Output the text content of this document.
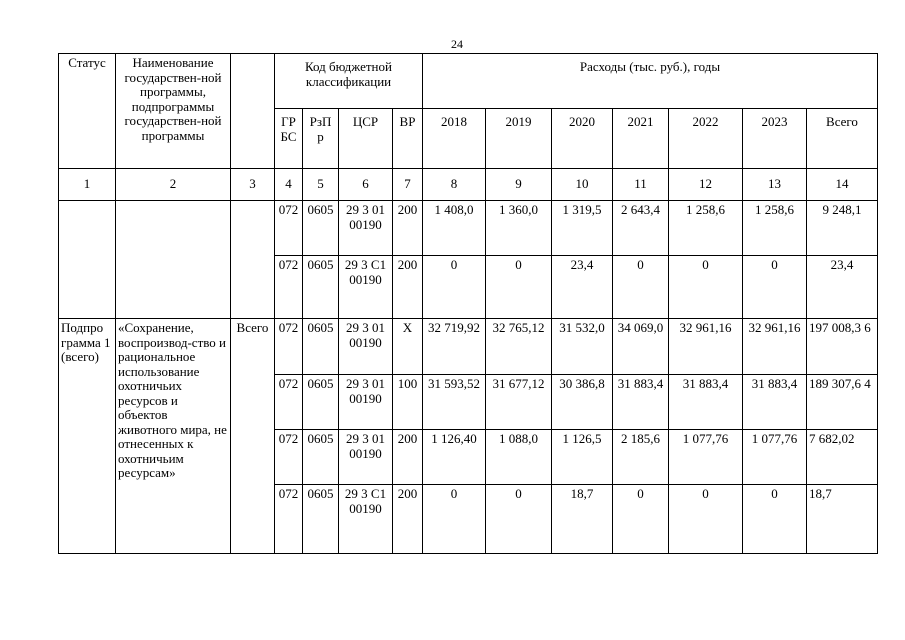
24
Статус	Наименование государствен-ной программы, подпрограммы государствен-ной программы		Код бюджетной классификации				Расходы (тыс. руб.), годы						
			ГР БС	РзП р	ЦСР	ВР	2018	2019	2020	2021	2022	2023	Всего
1	2	3	4	5	6	7	8	9	10	11	12	13	14
			072	0605	29 3 01 00190	200	1 408,0	1 360,0	1 319,5	2 643,4	1 258,6	1 258,6	9 248,1
			072	0605	29 3 С1 00190	200	0	0	23,4	0	0	0	23,4
Подпро грамма 1 (всего)	«Сохранение, воспроизвод-ство и рациональное использование охотничьих ресурсов и объектов животного мира, не отнесенных к охотничьим ресурсам»	Всего	072	0605	29 3 01 00190	Х	32 719,92	32 765,12	31 532,0	34 069,0	32 961,16	32 961,16	197 008,3 6
			072	0605	29 3 01 00190	100	31 593,52	31 677,12	30 386,8	31 883,4	31 883,4	31 883,4	189 307,6 4
			072	0605	29 3 01 00190	200	1 126,40	1 088,0	1 126,5	2 185,6	1 077,76	1 077,76	7 682,02
			072	0605	29 3 С1 00190	200	0	0	18,7	0	0	0	18,7
